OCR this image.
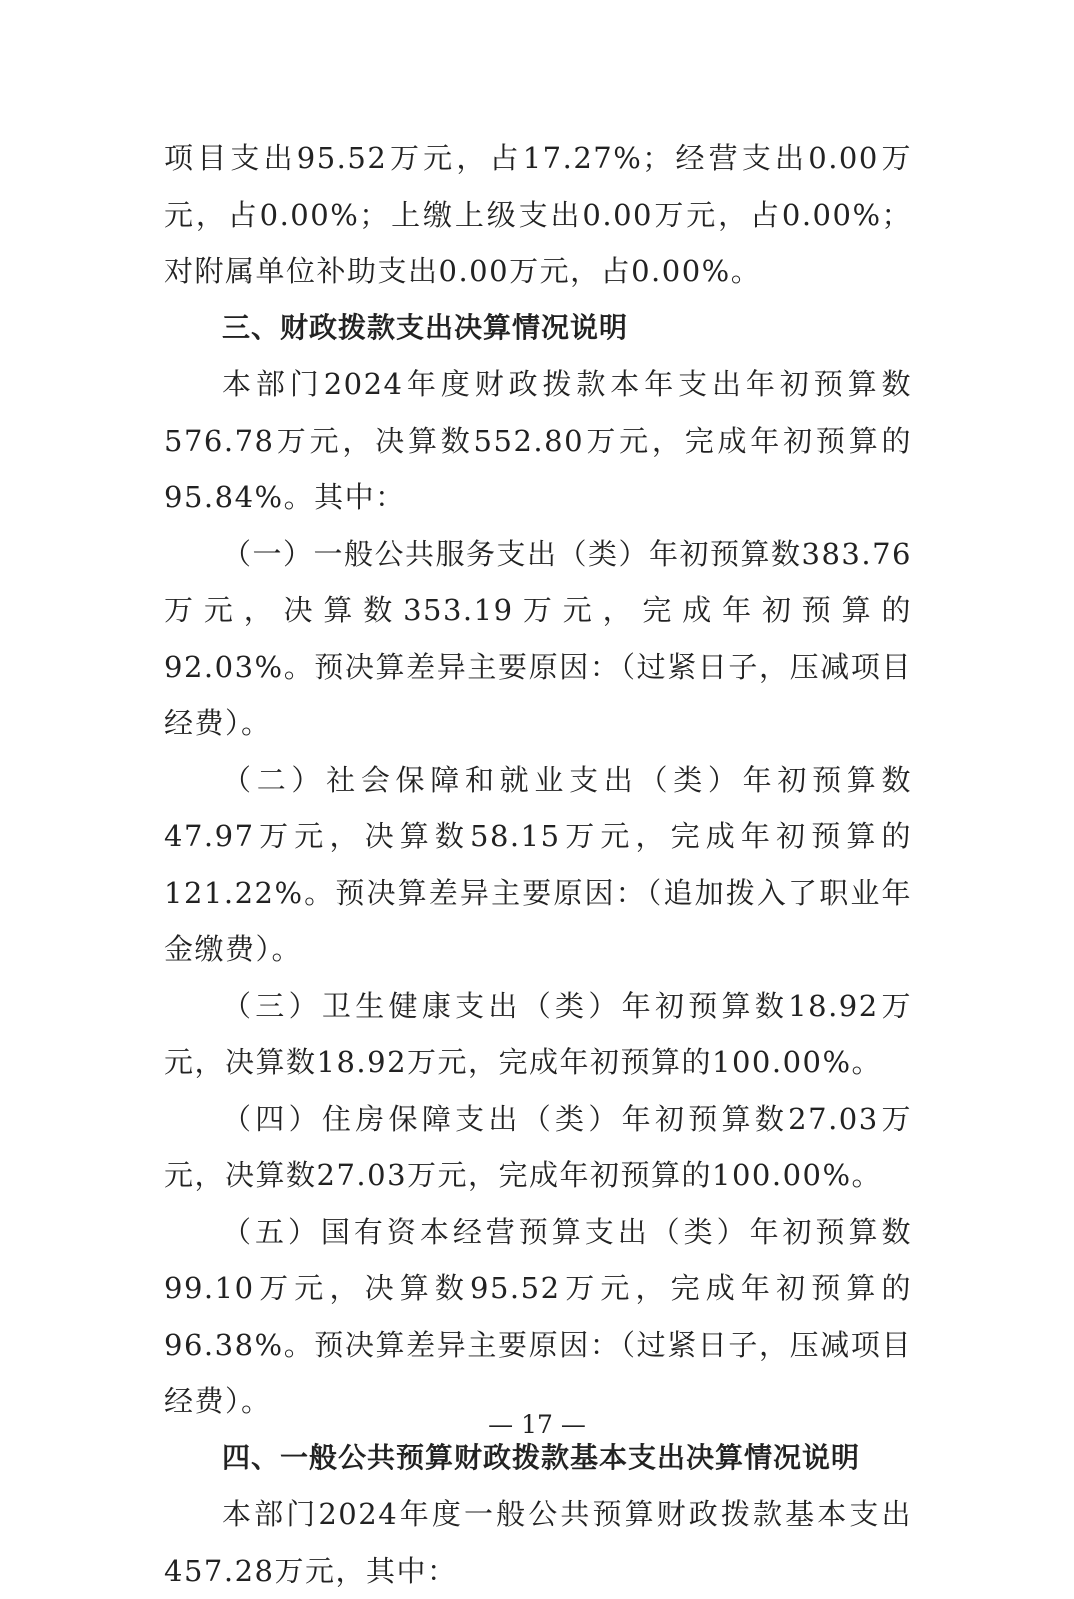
项目支出95.52万元，占17.27%；经营支出0.00万元，占0.00%；上缴上级支出0.00万元，占0.00%；对附属单位补助支出0.00万元，占0.00%。

三、财政拨款支出决算情况说明

本部门2024年度财政拨款本年支出年初预算数576.78万元，决算数552.80万元，完成年初预算的95.84%。其中：

（一）一般公共服务支出（类）年初预算数383.76万元，决算数353.19万元，完成年初预算的92.03%。预决算差异主要原因：（过紧日子，压减项目经费）。

（二）社会保障和就业支出（类）年初预算数47.97万元，决算数58.15万元，完成年初预算的121.22%。预决算差异主要原因：（追加拨入了职业年金缴费）。

（三）卫生健康支出（类）年初预算数18.92万元，决算数18.92万元，完成年初预算的100.00%。

（四）住房保障支出（类）年初预算数27.03万元，决算数27.03万元，完成年初预算的100.00%。

（五）国有资本经营预算支出（类）年初预算数99.10万元，决算数95.52万元，完成年初预算的96.38%。预决算差异主要原因：（过紧日子，压减项目经费）。

四、一般公共预算财政拨款基本支出决算情况说明

本部门2024年度一般公共预算财政拨款基本支出457.28万元，其中：

— 17 —
